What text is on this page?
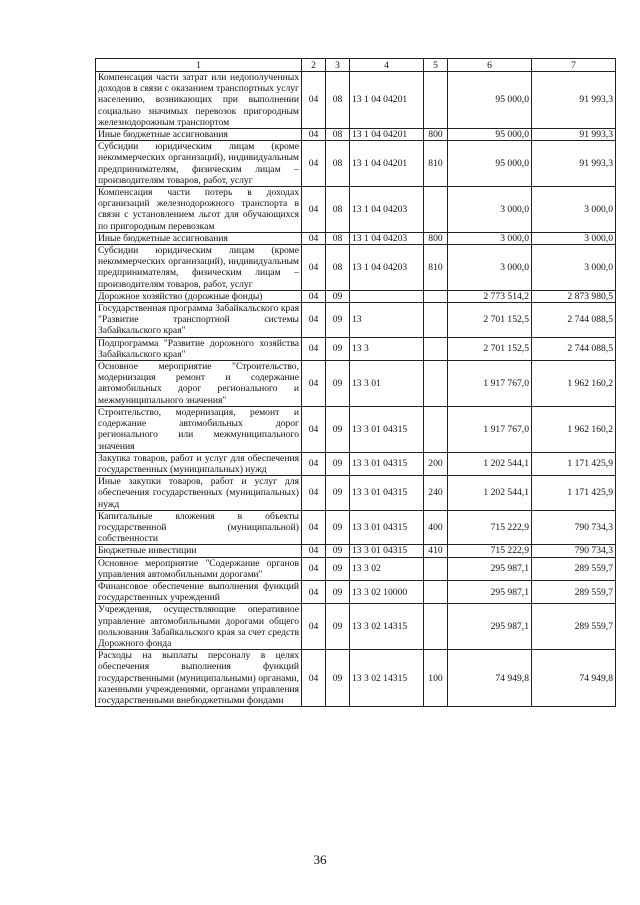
1	2	3	4	5	6	7
Компенсация части затрат или недополученных доходов в связи с оказанием транспортных услуг населению, возникающих при выполнении социально значимых перевозок пригородным железнодорожным транспортом	04	08	13 1 04 04201		95 000,0	91 993,3
Иные бюджетные ассигнования	04	08	13 1 04 04201	800	95 000,0	91 993,3
Субсидии юридическим лицам (кроме некоммерческих организаций), индивидуальным предпринимателям, физическим лицам – производителям товаров, работ, услуг	04	08	13 1 04 04201	810	95 000,0	91 993,3
Компенсация части потерь в доходах организаций железнодорожного транспорта в связи с установлением льгот для обучающихся по пригородным перевозкам	04	08	13 1 04 04203		3 000,0	3 000,0
Иные бюджетные ассигнования	04	08	13 1 04 04203	800	3 000,0	3 000,0
Субсидии юридическим лицам (кроме некоммерческих организаций), индивидуальным предпринимателям, физическим лицам – производителям товаров, работ, услуг	04	08	13 1 04 04203	810	3 000,0	3 000,0
Дорожное хозяйство (дорожные фонды)	04	09			2 773 514,2	2 873 980,5
Государственная программа Забайкальского края "Развитие транспортной системы Забайкальского края"	04	09	13		2 701 152,5	2 744 088,5
Подпрограмма "Развитие дорожного хозяйства Забайкальского края"	04	09	13 3		2 701 152,5	2 744 088,5
Основное мероприятие "Строительство, модернизация ремонт и содержание автомобильных дорог регионального и межмуниципального значения"	04	09	13 3 01		1 917 767,0	1 962 160,2
Строительство, модернизация, ремонт и содержание автомобильных дорог регионального или межмуниципального значения	04	09	13 3 01 04315		1 917 767,0	1 962 160,2
Закупка товаров, работ и услуг для обеспечения государственных (муниципальных) нужд	04	09	13 3 01 04315	200	1 202 544,1	1 171 425,9
Иные закупки товаров, работ и услуг для обеспечения государственных (муниципальных) нужд	04	09	13 3 01 04315	240	1 202 544,1	1 171 425,9
Капитальные вложения в объекты государственной (муниципальной) собственности	04	09	13 3 01 04315	400	715 222,9	790 734,3
Бюджетные инвестиции	04	09	13 3 01 04315	410	715 222,9	790 734,3
Основное мероприятие "Содержание органов управления автомобильными дорогами"	04	09	13 3 02		295 987,1	289 559,7
Финансовое обеспечение выполнения функций государственных учреждений	04	09	13 3 02 10000		295 987,1	289 559,7
Учреждения, осуществляющие оперативное управление автомобильными дорогами общего пользования Забайкальского края за счет средств Дорожного фонда	04	09	13 3 02 14315		295 987,1	289 559,7
Расходы на выплаты персоналу в целях обеспечения выполнения функций государственными (муниципальными) органами, казенными учреждениями, органами управления государственными внебюджетными фондами	04	09	13 3 02 14315	100	74 949,8	74 949,8
36
